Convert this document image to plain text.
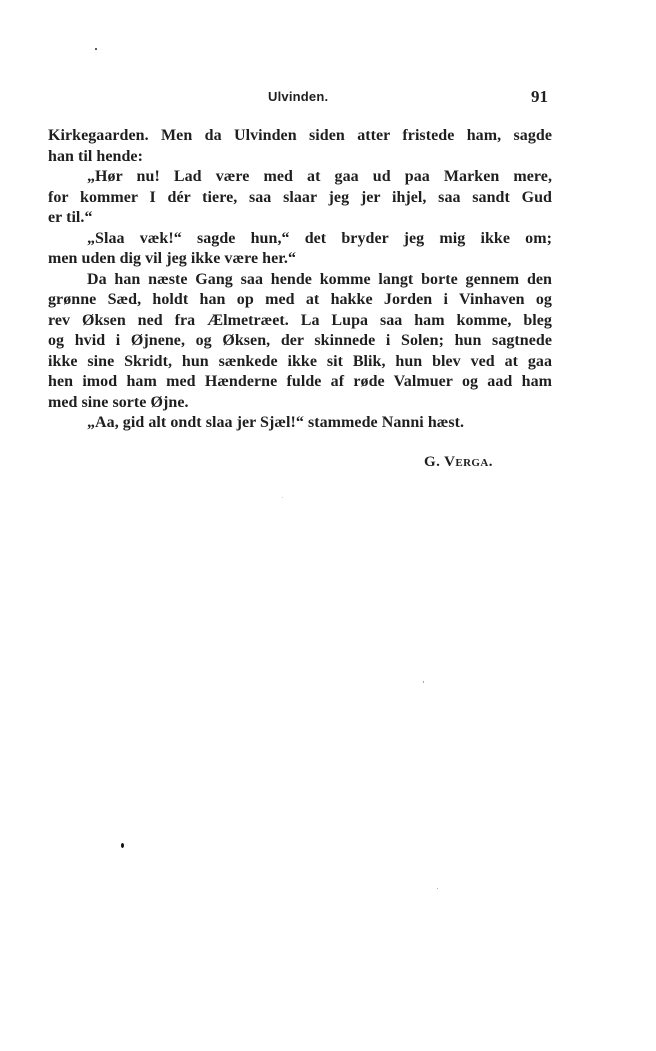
Ulvinden.	91
Kirkegaarden. Men da Ulvinden siden atter fristede ham, sagde
han til hende:
„Hør nu! Lad være med at gaa ud paa Marken mere,
for kommer I dér tiere, saa slaar jeg jer ihjel, saa sandt Gud
er til.“
„Slaa væk!“ sagde hun,“ det bryder jeg mig ikke om;
men uden dig vil jeg ikke være her.“
Da han næste Gang saa hende komme langt borte gennem den
grønne Sæd, holdt han op med at hakke Jorden i Vinhaven og
rev Øksen ned fra Ælmetræet. La Lupa saa ham komme, bleg
og hvid i Øjnene, og Øksen, der skinnede i Solen; hun sagtnede
ikke sine Skridt, hun sænkede ikke sit Blik, hun blev ved at gaa
hen imod ham med Hænderne fulde af røde Valmuer og aad ham
med sine sorte Øjne.
„Aa, gid alt ondt slaa jer Sjæl!“ stammede Nanni hæst.
G. Verga.
